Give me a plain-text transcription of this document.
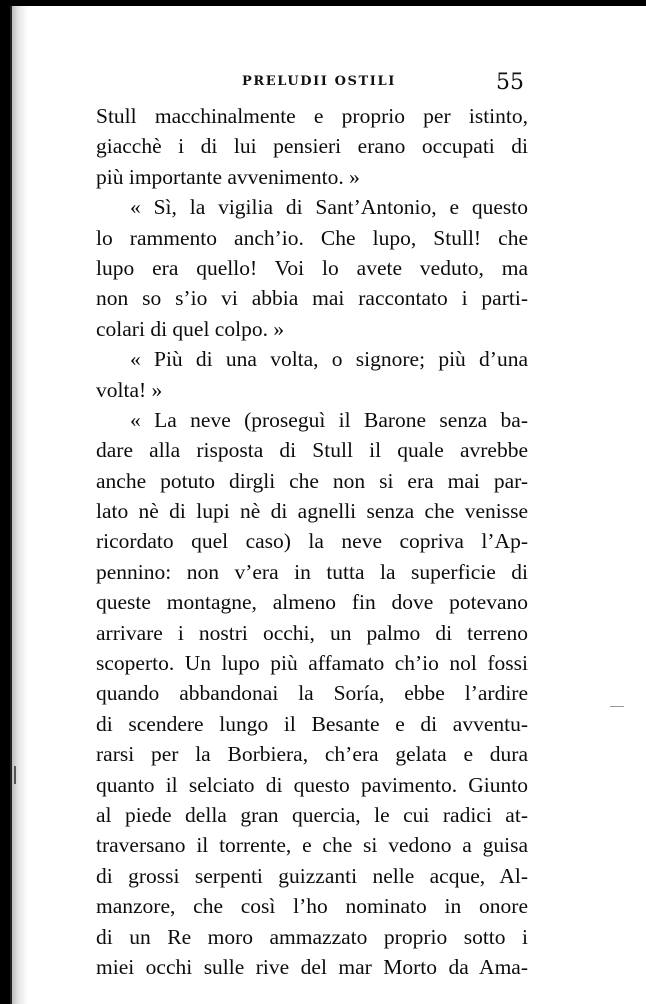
PRELUDII OSTILI	55
Stull macchinalmente e proprio per istinto,
giacchè i di lui pensieri erano occupati di
più importante avvenimento. »
« Sì, la vigilia di Sant’Antonio, e questo
lo rammento anch’io. Che lupo, Stull! che
lupo era quello! Voi lo avete veduto, ma
non so s’io vi abbia mai raccontato i parti-
colari di quel colpo. »
« Più di una volta, o signore; più d’una
volta! »
« La neve (proseguì il Barone senza ba-
dare alla risposta di Stull il quale avrebbe
anche potuto dirgli che non si era mai par-
lato nè di lupi nè di agnelli senza che venisse
ricordato quel caso) la neve copriva l’Ap-
pennino: non v’era in tutta la superficie di
queste montagne, almeno fin dove potevano
arrivare i nostri occhi, un palmo di terreno
scoperto. Un lupo più affamato ch’io nol fossi
quando abbandonai la Soría, ebbe l’ardire
di scendere lungo il Besante e di avventu-
rarsi per la Borbiera, ch’era gelata e dura
quanto il selciato di questo pavimento. Giunto
al piede della gran quercia, le cui radici at-
traversano il torrente, e che si vedono a guisa
di grossi serpenti guizzanti nelle acque, Al-
manzore, che così l’ho nominato in onore
di un Re moro ammazzato proprio sotto i
miei occhi sulle rive del mar Morto da Ama-
